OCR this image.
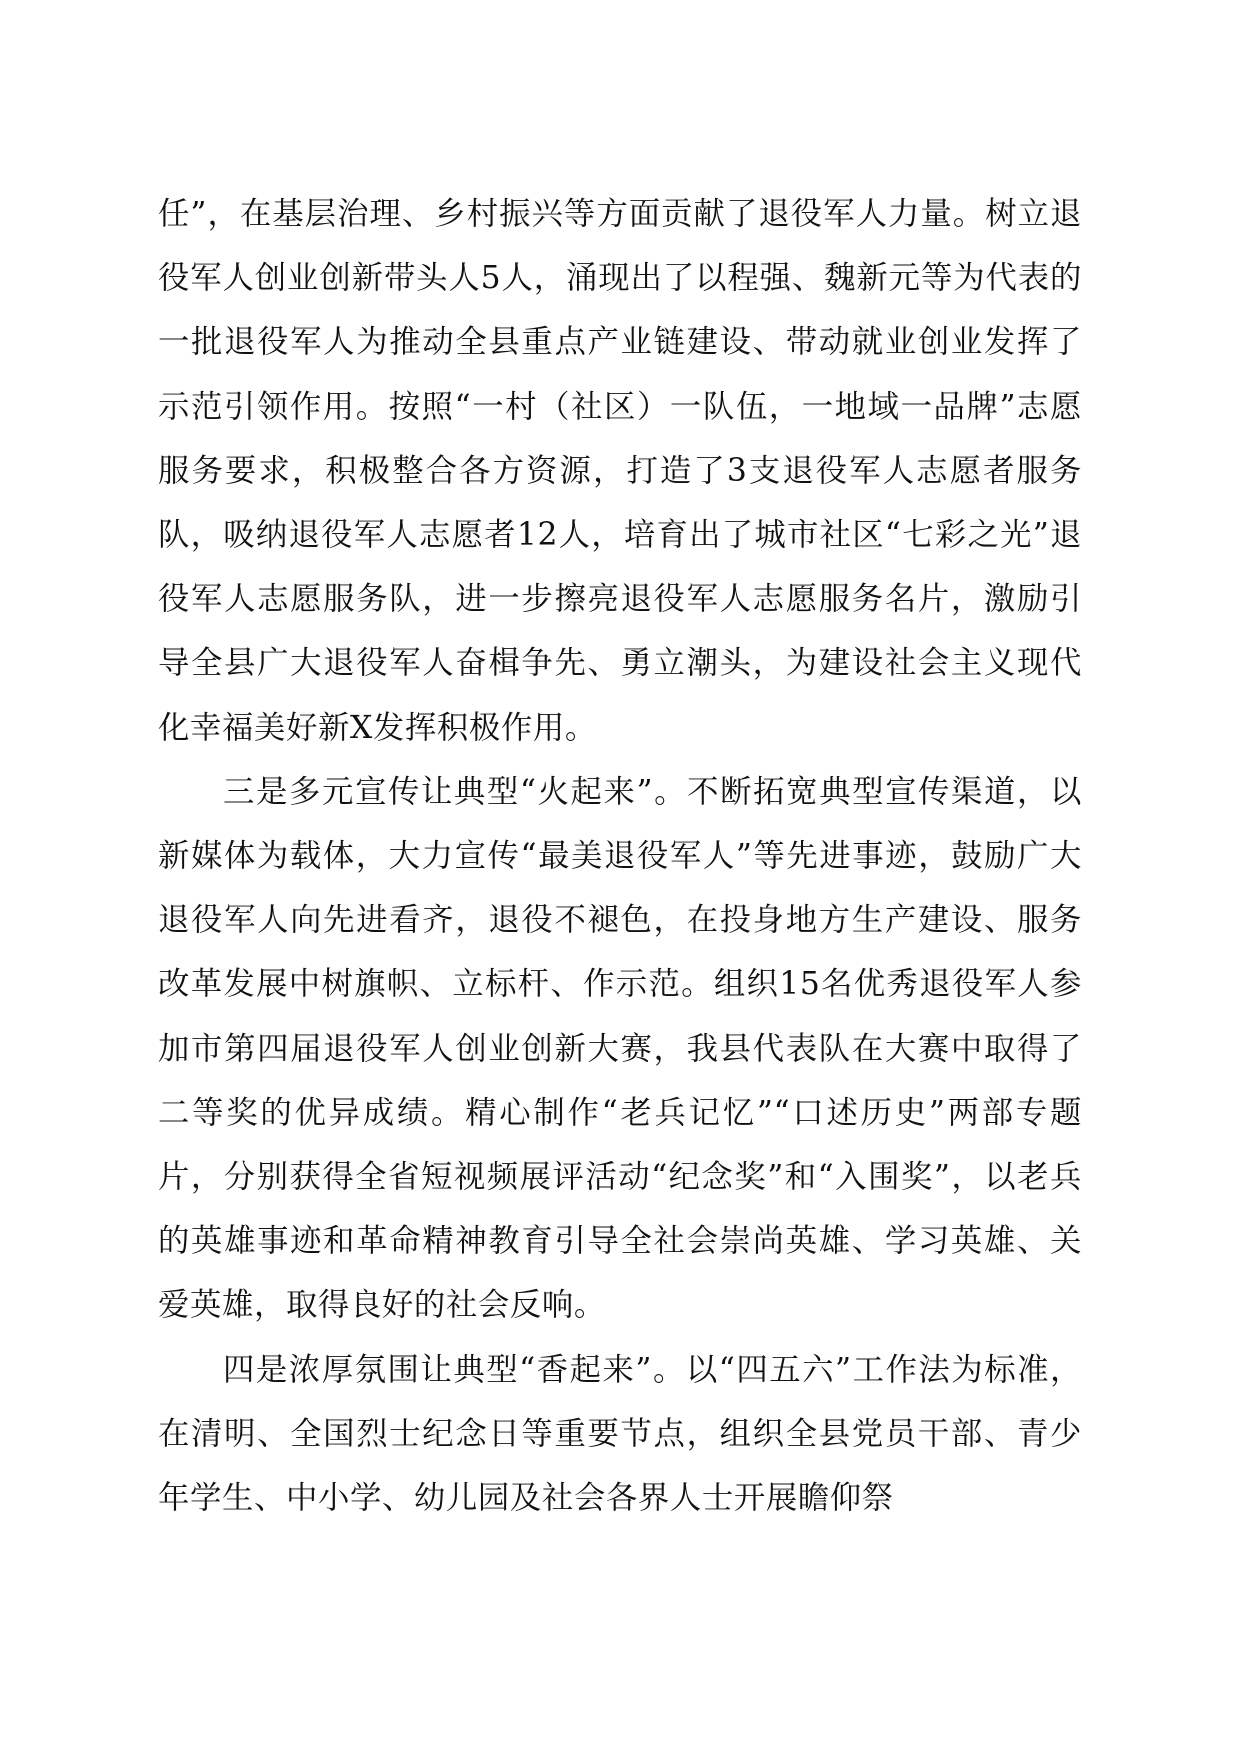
任”，在基层治理、乡村振兴等方面贡献了退役军人力量。树立退役军人创业创新带头人5人，涌现出了以程强、魏新元等为代表的一批退役军人为推动全县重点产业链建设、带动就业创业发挥了示范引领作用。按照“一村（社区）一队伍，一地域一品牌”志愿服务要求，积极整合各方资源，打造了3支退役军人志愿者服务队，吸纳退役军人志愿者12人，培育出了城市社区“七彩之光”退役军人志愿服务队，进一步擦亮退役军人志愿服务名片，激励引导全县广大退役军人奋楫争先、勇立潮头，为建设社会主义现代化幸福美好新X发挥积极作用。

三是多元宣传让典型“火起来”。不断拓宽典型宣传渠道，以新媒体为载体，大力宣传“最美退役军人”等先进事迹，鼓励广大退役军人向先进看齐，退役不褪色，在投身地方生产建设、服务改革发展中树旗帜、立标杆、作示范。组织15名优秀退役军人参加市第四届退役军人创业创新大赛，我县代表队在大赛中取得了二等奖的优异成绩。精心制作“老兵记忆”“口述历史”两部专题片，分别获得全省短视频展评活动“纪念奖”和“入围奖”，以老兵的英雄事迹和革命精神教育引导全社会崇尚英雄、学习英雄、关爱英雄，取得良好的社会反响。

四是浓厚氛围让典型“香起来”。以“四五六”工作法为标准，在清明、全国烈士纪念日等重要节点，组织全县党员干部、青少年学生、中小学、幼儿园及社会各界人士开展瞻仰祭
